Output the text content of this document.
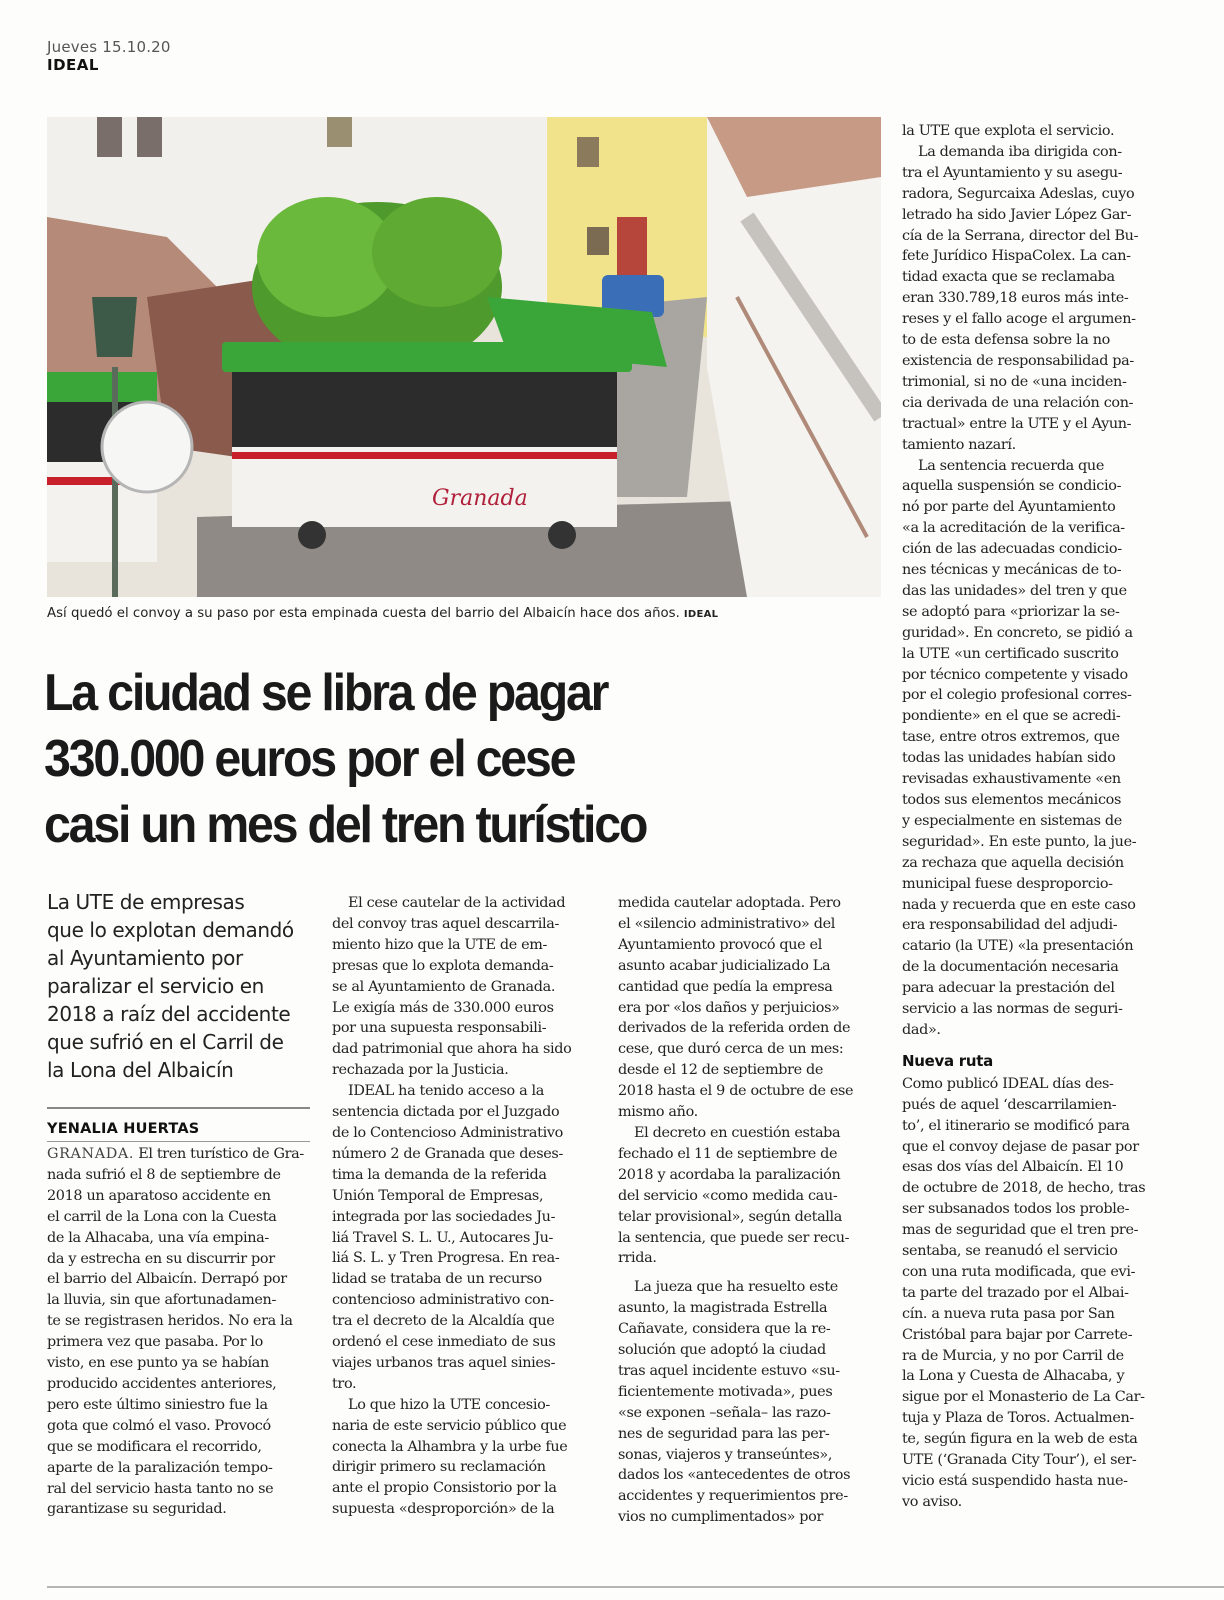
Jueves 15.10.20
IDEAL
Granada
Así quedó el convoy a su paso por esta empinada cuesta del barrio del Albaicín hace dos años. IDEAL
La ciudad se libra de pagar
330.000 euros por el cese
casi un mes del tren turístico
La UTE de empresas
que lo explotan demandó
al Ayuntamiento por
paralizar el servicio en
2018 a raíz del accidente
que sufrió en el Carril de
la Lona del Albaicín
YENALIA HUERTAS
GRANADA. El tren turístico de Gra-
nada sufrió el 8 de septiembre de
2018 un aparatoso accidente en
el carril de la Lona con la Cuesta
de la Alhacaba, una vía empina-
da y estrecha en su discurrir por
el barrio del Albaicín. Derrapó por
la lluvia, sin que afortunadamen-
te se registrasen heridos. No era la
primera vez que pasaba. Por lo
visto, en ese punto ya se habían
producido accidentes anteriores,
pero este último siniestro fue la
gota que colmó el vaso. Provocó
que se modificara el recorrido,
aparte de la paralización tempo-
ral del servicio hasta tanto no se
garantizase su seguridad.
El cese cautelar de la actividad
del convoy tras aquel descarrila-
miento hizo que la UTE de em-
presas que lo explota demanda-
se al Ayuntamiento de Granada.
Le exigía más de 330.000 euros
por una supuesta responsabili-
dad patrimonial que ahora ha sido
rechazada por la Justicia.
IDEAL ha tenido acceso a la
sentencia dictada por el Juzgado
de lo Contencioso Administrativo
número 2 de Granada que deses-
tima la demanda de la referida
Unión Temporal de Empresas,
integrada por las sociedades Ju-
liá Travel S. L. U., Autocares Ju-
liá S. L. y Tren Progresa. En rea-
lidad se trataba de un recurso
contencioso administrativo con-
tra el decreto de la Alcaldía que
ordenó el cese inmediato de sus
viajes urbanos tras aquel sinies-
tro.
Lo que hizo la UTE concesio-
naria de este servicio público que
conecta la Alhambra y la urbe fue
dirigir primero su reclamación
ante el propio Consistorio por la
supuesta «desproporción» de la
medida cautelar adoptada. Pero
el «silencio administrativo» del
Ayuntamiento provocó que el
asunto acabar judicializado La
cantidad que pedía la empresa
era por «los daños y perjuicios»
derivados de la referida orden de
cese, que duró cerca de un mes:
desde el 12 de septiembre de
2018 hasta el 9 de octubre de ese
mismo año.
El decreto en cuestión estaba
fechado el 11 de septiembre de
2018 y acordaba la paralización
del servicio «como medida cau-
telar provisional», según detalla
la sentencia, que puede ser recu-
rrida.
La jueza que ha resuelto este
asunto, la magistrada Estrella
Cañavate, considera que la re-
solución que adoptó la ciudad
tras aquel incidente estuvo «su-
ficientemente motivada», pues
«se exponen –señala– las razo-
nes de seguridad para las per-
sonas, viajeros y transeúntes»,
dados los «antecedentes de otros
accidentes y requerimientos pre-
vios no cumplimentados» por
la UTE que explota el servicio.
La demanda iba dirigida con-
tra el Ayuntamiento y su asegu-
radora, Segurcaixa Adeslas, cuyo
letrado ha sido Javier López Gar-
cía de la Serrana, director del Bu-
fete Jurídico HispaColex. La can-
tidad exacta que se reclamaba
eran 330.789,18 euros más inte-
reses y el fallo acoge el argumen-
to de esta defensa sobre la no
existencia de responsabilidad pa-
trimonial, si no de «una inciden-
cia derivada de una relación con-
tractual» entre la UTE y el Ayun-
tamiento nazarí.
La sentencia recuerda que
aquella suspensión se condicio-
nó por parte del Ayuntamiento
«a la acreditación de la verifica-
ción de las adecuadas condicio-
nes técnicas y mecánicas de to-
das las unidades» del tren y que
se adoptó para «priorizar la se-
guridad». En concreto, se pidió a
la UTE «un certificado suscrito
por técnico competente y visado
por el colegio profesional corres-
pondiente» en el que se acredi-
tase, entre otros extremos, que
todas las unidades habían sido
revisadas exhaustivamente «en
todos sus elementos mecánicos
y especialmente en sistemas de
seguridad». En este punto, la jue-
za rechaza que aquella decisión
municipal fuese desproporcio-
nada y recuerda que en este caso
era responsabilidad del adjudi-
catario (la UTE) «la presentación
de la documentación necesaria
para adecuar la prestación del
servicio a las normas de seguri-
dad».
Nueva ruta
Como publicó IDEAL días des-
pués de aquel ‘descarrilamien-
to’, el itinerario se modificó para
que el convoy dejase de pasar por
esas dos vías del Albaicín. El 10
de octubre de 2018, de hecho, tras
ser subsanados todos los proble-
mas de seguridad que el tren pre-
sentaba, se reanudó el servicio
con una ruta modificada, que evi-
ta parte del trazado por el Albai-
cín. a nueva ruta pasa por San
Cristóbal para bajar por Carrete-
ra de Murcia, y no por Carril de
la Lona y Cuesta de Alhacaba, y
sigue por el Monasterio de La Car-
tuja y Plaza de Toros. Actualmen-
te, según figura en la web de esta
UTE (‘Granada City Tour’), el ser-
vicio está suspendido hasta nue-
vo aviso.
